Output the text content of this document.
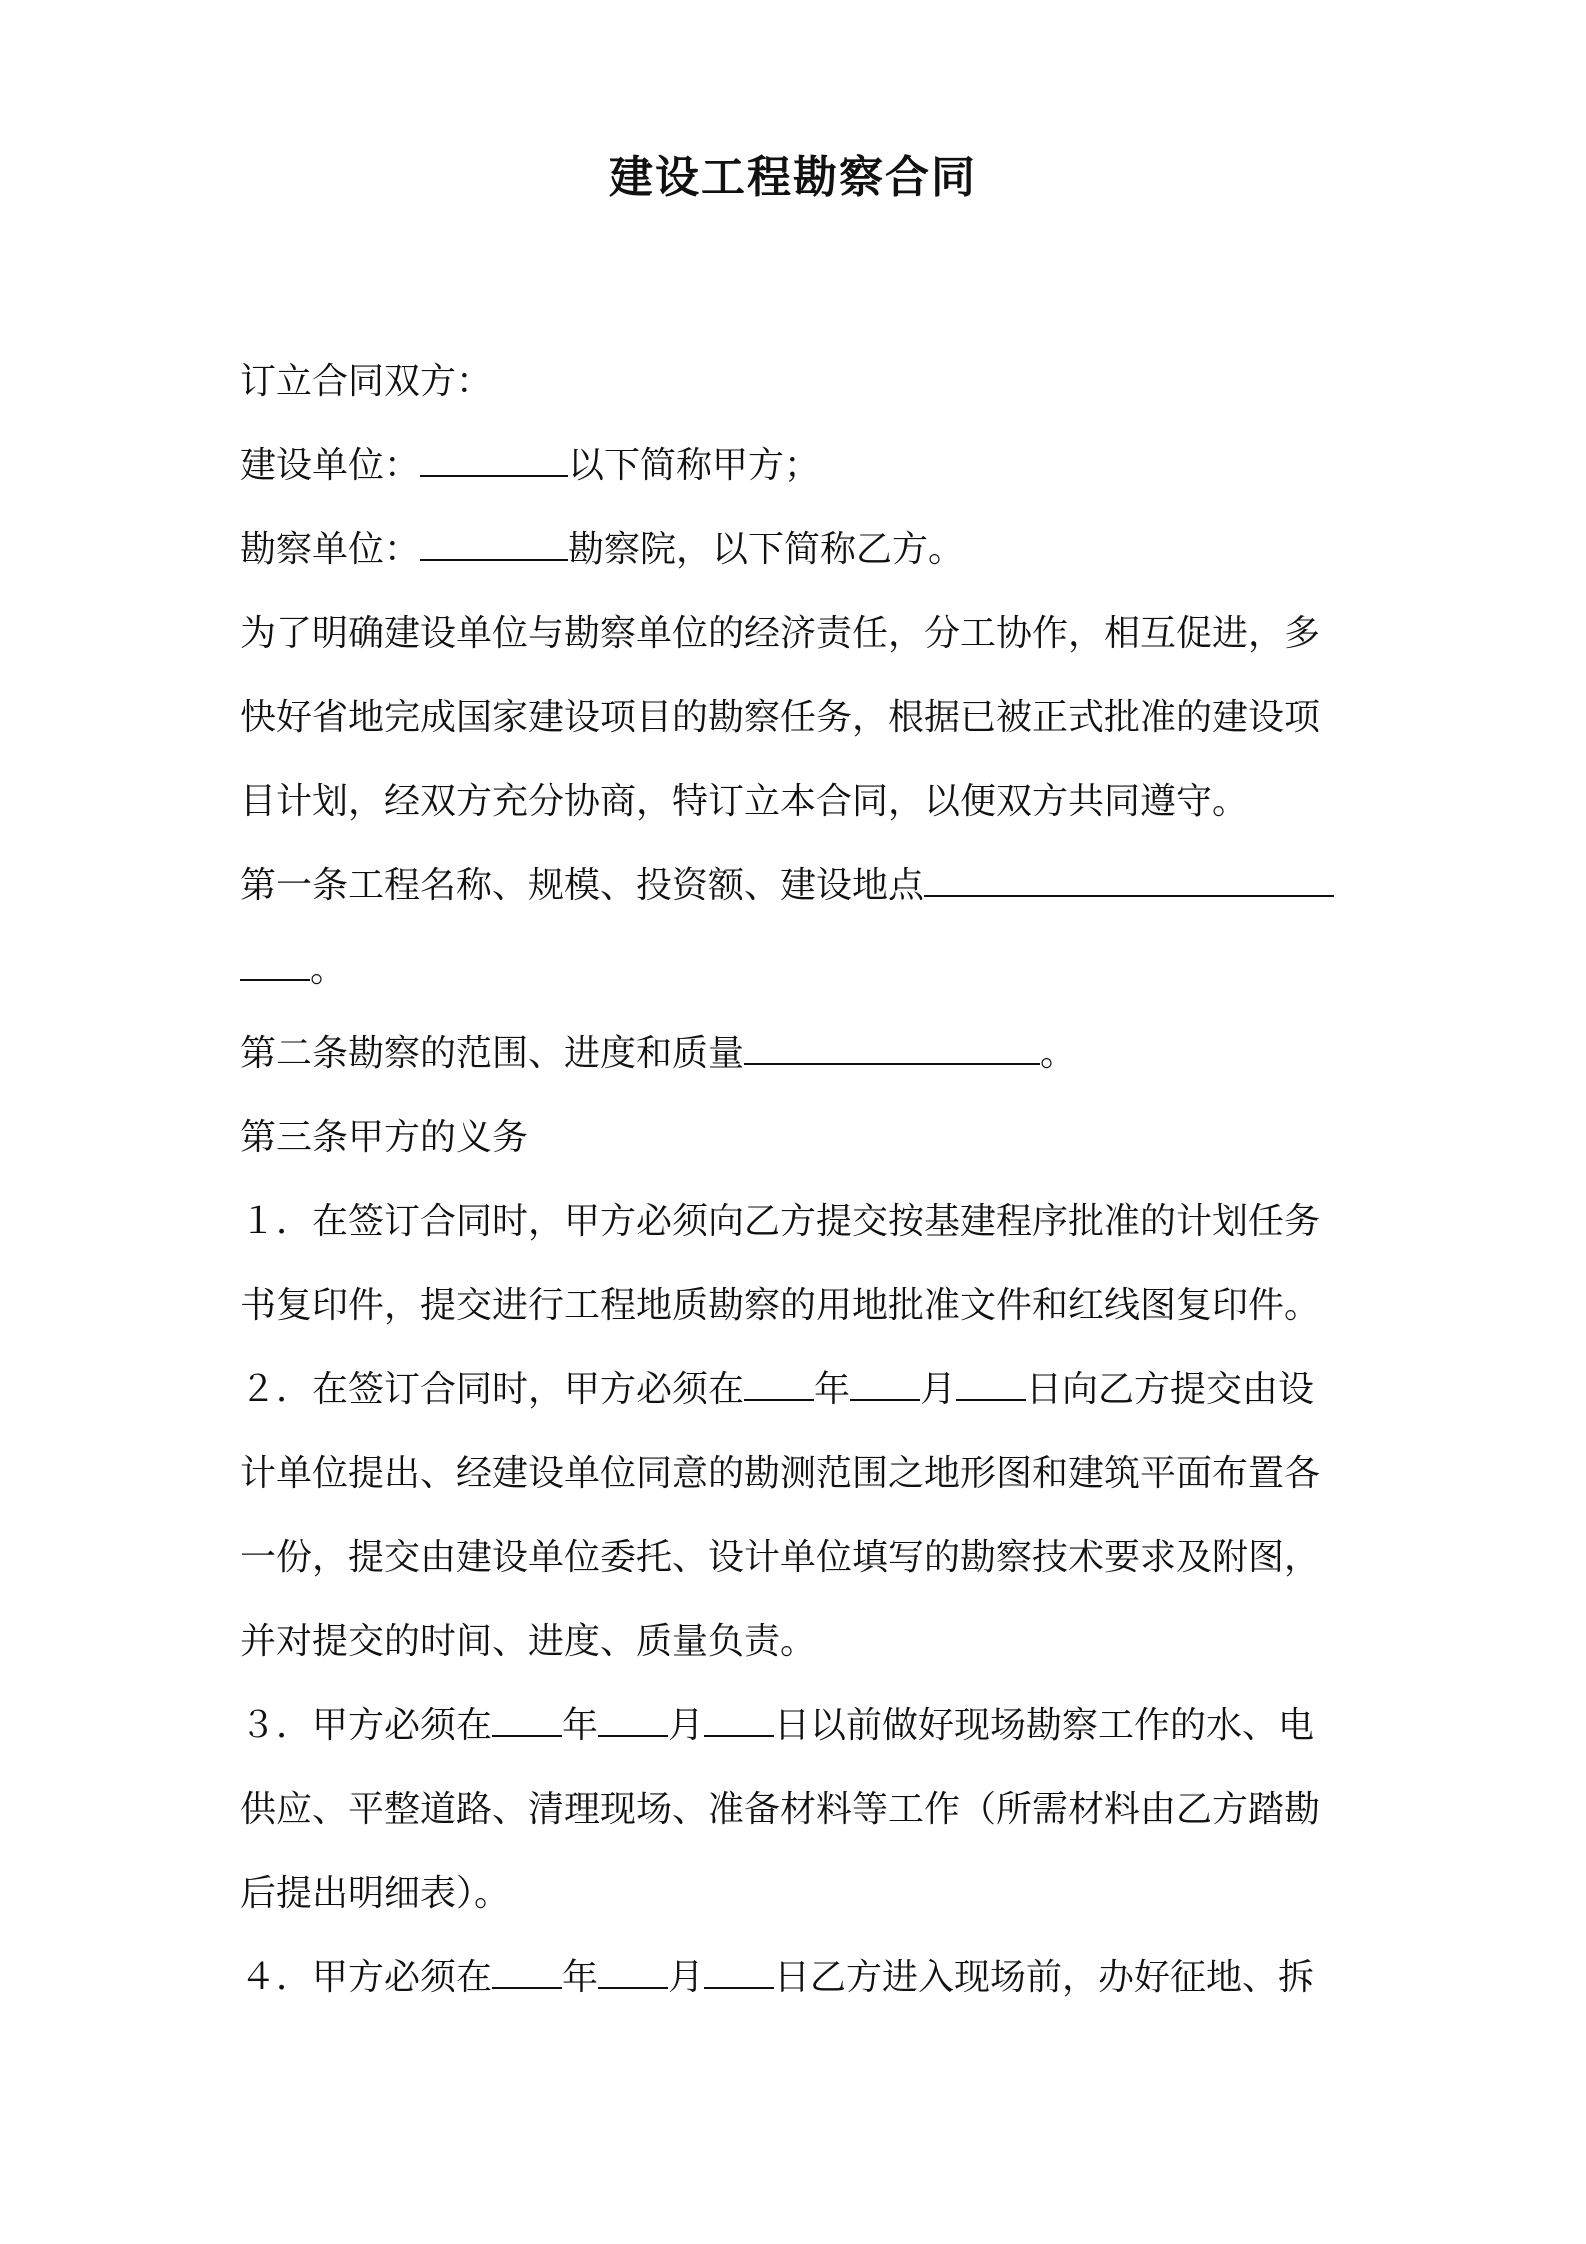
建设工程勘察合同
订立合同双方：
建设单位：	以下简称甲方；
勘察单位：	勘察院，以下简称乙方。
为了明确建设单位与勘察单位的经济责任，分工协作，相互促进，多
快好省地完成国家建设项目的勘察任务，根据已被正式批准的建设项
目计划，经双方充分协商，特订立本合同，以便双方共同遵守。
第一条工程名称、规模、投资额、建设地点
。
第二条勘察的范围、进度和质量	。
第三条甲方的义务
１．在签订合同时，甲方必须向乙方提交按基建程序批准的计划任务
书复印件，提交进行工程地质勘察的用地批准文件和红线图复印件。
２．在签订合同时，甲方必须在 年 月 日向乙方提交由设
计单位提出、经建设单位同意的勘测范围之地形图和建筑平面布置各
一份，提交由建设单位委托、设计单位填写的勘察技术要求及附图，
并对提交的时间、进度、质量负责。
３．甲方必须在 年 月 日以前做好现场勘察工作的水、电
供应、平整道路、清理现场、准备材料等工作（所需材料由乙方踏勘
后提出明细表）。
４．甲方必须在 年 月 日乙方进入现场前，办好征地、拆
